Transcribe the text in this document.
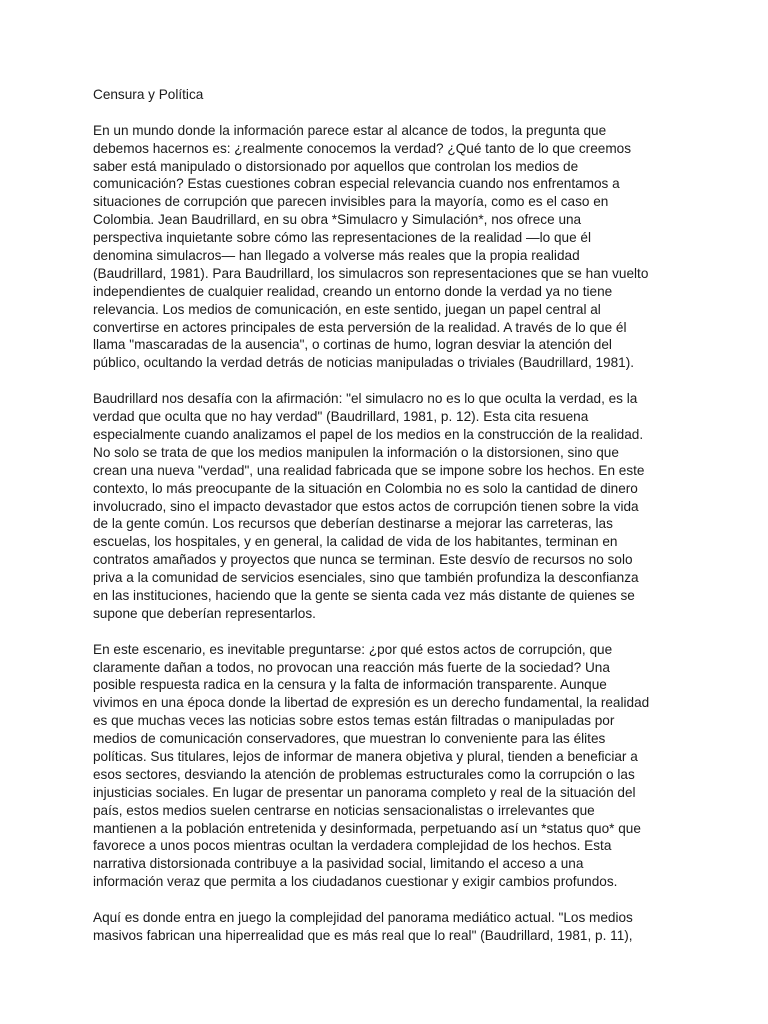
Censura y Política
En un mundo donde la información parece estar al alcance de todos, la pregunta que
debemos hacernos es: ¿realmente conocemos la verdad? ¿Qué tanto de lo que creemos
saber está manipulado o distorsionado por aquellos que controlan los medios de
comunicación? Estas cuestiones cobran especial relevancia cuando nos enfrentamos a
situaciones de corrupción que parecen invisibles para la mayoría, como es el caso en
Colombia. Jean Baudrillard, en su obra *Simulacro y Simulación*, nos ofrece una
perspectiva inquietante sobre cómo las representaciones de la realidad —lo que él
denomina simulacros— han llegado a volverse más reales que la propia realidad
(Baudrillard, 1981). Para Baudrillard, los simulacros son representaciones que se han vuelto
independientes de cualquier realidad, creando un entorno donde la verdad ya no tiene
relevancia. Los medios de comunicación, en este sentido, juegan un papel central al
convertirse en actores principales de esta perversión de la realidad. A través de lo que él
llama "mascaradas de la ausencia", o cortinas de humo, logran desviar la atención del
público, ocultando la verdad detrás de noticias manipuladas o triviales (Baudrillard, 1981).
Baudrillard nos desafía con la afirmación: "el simulacro no es lo que oculta la verdad, es la
verdad que oculta que no hay verdad" (Baudrillard, 1981, p. 12). Esta cita resuena
especialmente cuando analizamos el papel de los medios en la construcción de la realidad.
No solo se trata de que los medios manipulen la información o la distorsionen, sino que
crean una nueva "verdad", una realidad fabricada que se impone sobre los hechos. En este
contexto, lo más preocupante de la situación en Colombia no es solo la cantidad de dinero
involucrado, sino el impacto devastador que estos actos de corrupción tienen sobre la vida
de la gente común. Los recursos que deberían destinarse a mejorar las carreteras, las
escuelas, los hospitales, y en general, la calidad de vida de los habitantes, terminan en
contratos amañados y proyectos que nunca se terminan. Este desvío de recursos no solo
priva a la comunidad de servicios esenciales, sino que también profundiza la desconfianza
en las instituciones, haciendo que la gente se sienta cada vez más distante de quienes se
supone que deberían representarlos.
En este escenario, es inevitable preguntarse: ¿por qué estos actos de corrupción, que
claramente dañan a todos, no provocan una reacción más fuerte de la sociedad? Una
posible respuesta radica en la censura y la falta de información transparente. Aunque
vivimos en una época donde la libertad de expresión es un derecho fundamental, la realidad
es que muchas veces las noticias sobre estos temas están filtradas o manipuladas por
medios de comunicación conservadores, que muestran lo conveniente para las élites
políticas. Sus titulares, lejos de informar de manera objetiva y plural, tienden a beneficiar a
esos sectores, desviando la atención de problemas estructurales como la corrupción o las
injusticias sociales. En lugar de presentar un panorama completo y real de la situación del
país, estos medios suelen centrarse en noticias sensacionalistas o irrelevantes que
mantienen a la población entretenida y desinformada, perpetuando así un *status quo* que
favorece a unos pocos mientras ocultan la verdadera complejidad de los hechos. Esta
narrativa distorsionada contribuye a la pasividad social, limitando el acceso a una
información veraz que permita a los ciudadanos cuestionar y exigir cambios profundos.
Aquí es donde entra en juego la complejidad del panorama mediático actual. "Los medios
masivos fabrican una hiperrealidad que es más real que lo real" (Baudrillard, 1981, p. 11),
